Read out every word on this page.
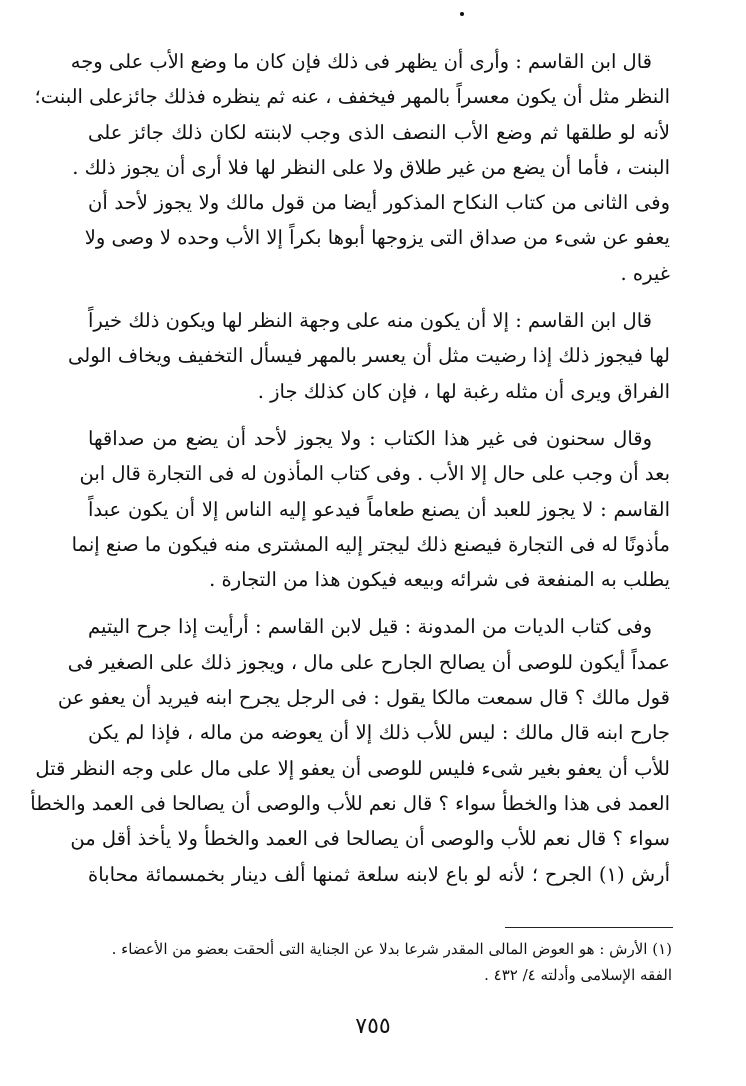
قال ابن القاسم : وأرى أن يظهر فى ذلك فإن كان ما وضع الأب على وجه
النظر مثل أن يكون معسراً بالمهر فيخفف ، عنه ثم ينظره فذلك جائزعلى البنت؛
لأنه لو طلقها ثم وضع الأب النصف الذى وجب لابنته لكان ذلك جائز على
البنت ، فأما أن يضع من غير طلاق ولا على النظر لها فلا أرى أن يجوز ذلك .
وفى الثانى من كتاب النكاح المذكور أيضا من قول مالك ولا يجوز لأحد أن
يعفو عن شىء من صداق التى يزوجها أبوها بكراً إلا الأب وحده لا وصى ولا
غيره .
قال ابن القاسم : إلا أن يكون منه على وجهة النظر لها ويكون ذلك خيراً
لها فيجوز ذلك إذا رضيت مثل أن يعسر بالمهر فيسأل التخفيف ويخاف الولى
الفراق ويرى أن مثله رغبة لها ، فإن كان كذلك جاز .
وقال سحنون فى غير هذا الكتاب : ولا يجوز لأحد أن يضع من صداقها
بعد أن وجب على حال إلا الأب . وفى كتاب المأذون له فى التجارة قال ابن
القاسم : لا يجوز للعبد أن يصنع طعاماً فيدعو إليه الناس إلا أن يكون عبداً
مأذونًا له فى التجارة فيصنع ذلك ليجتر إليه المشترى منه فيكون ما صنع إنما
يطلب به المنفعة فى شرائه وبيعه فيكون هذا من التجارة .
وفى كتاب الديات من المدونة : قيل لابن القاسم : أرأيت إذا جرح اليتيم
عمداً أيكون للوصى أن يصالح الجارح على مال ، ويجوز ذلك على الصغير فى
قول مالك ؟ قال سمعت مالكا يقول : فى الرجل يجرح ابنه فيريد أن يعفو عن
جارح ابنه قال مالك : ليس للأب ذلك إلا أن يعوضه من ماله ، فإذا لم يكن
للأب أن يعفو بغير شىء فليس للوصى أن يعفو إلا على مال على وجه النظر قتل
العمد فى هذا والخطأ سواء ؟ قال نعم للأب والوصى أن يصالحا فى العمد والخطأ
سواء ؟ قال نعم للأب والوصى أن يصالحا فى العمد والخطأ ولا يأخذ أقل من
أرش (١) الجرح ؛ لأنه لو باع لابنه سلعة ثمنها ألف دينار بخمسمائة محاباة
(١) الأرش : هو العوض المالى المقدر شرعا بدلا عن الجناية التى ألحقت بعضو من الأعضاء .
الفقه الإسلامى وأدلته ٤/ ٤٣٢ .
٧٥٥
